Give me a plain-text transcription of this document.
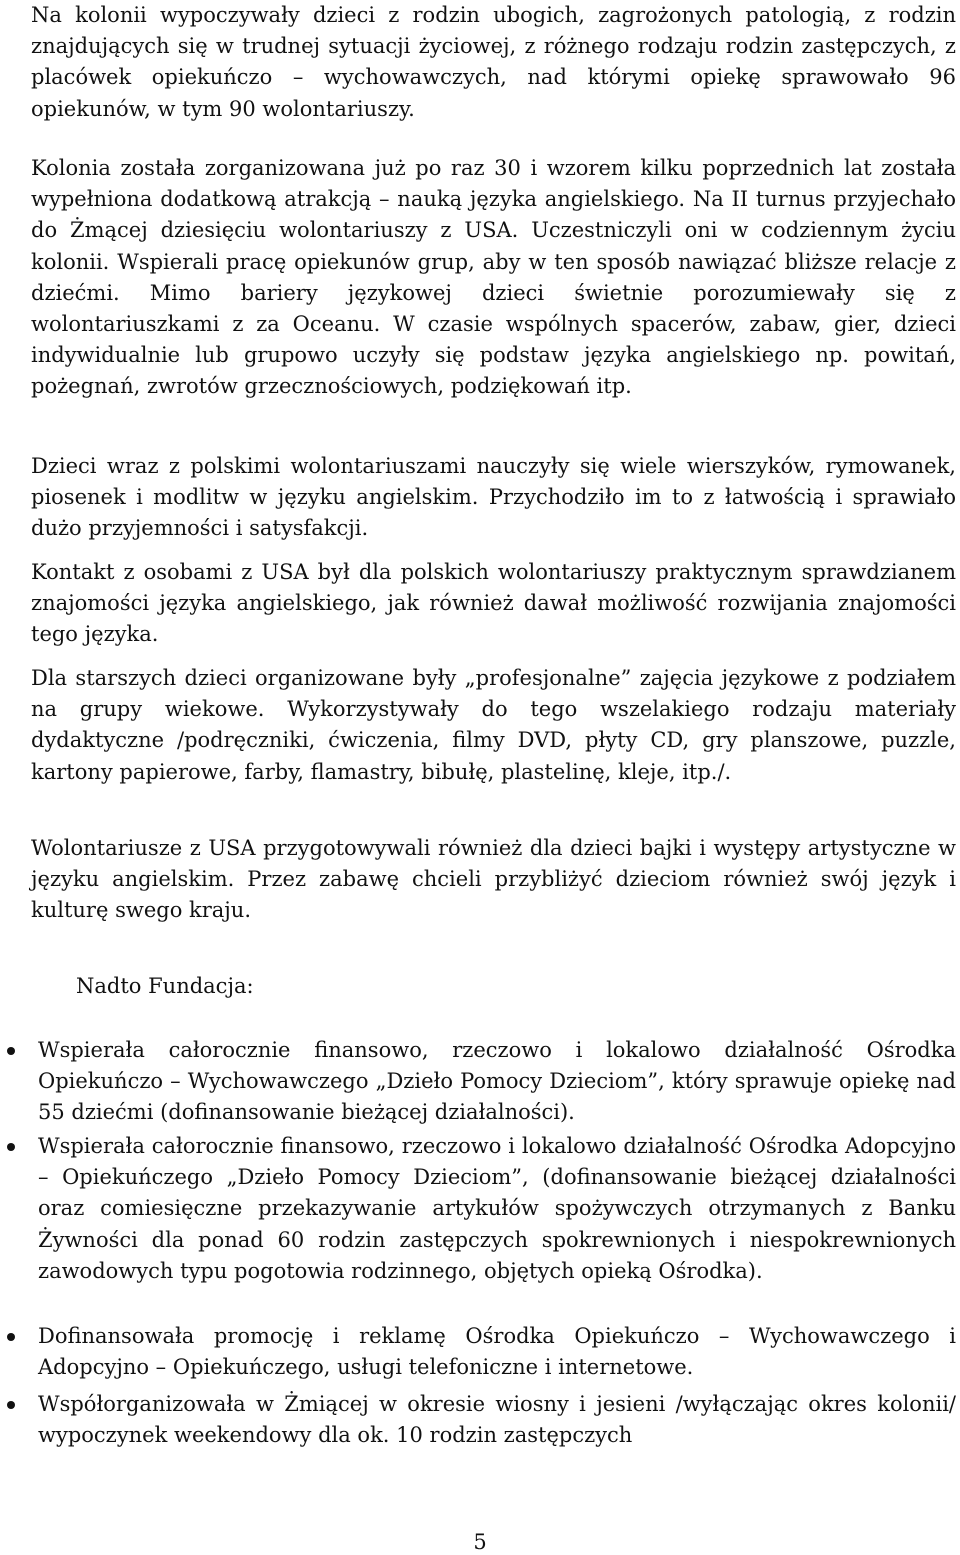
Na kolonii wypoczywały dzieci z rodzin ubogich, zagrożonych patologią, z rodzin znajdujących się w trudnej sytuacji życiowej, z różnego rodzaju rodzin zastępczych, z placówek opiekuńczo – wychowawczych, nad którymi opiekę sprawowało 96 opiekunów, w tym 90 wolontariuszy.

Kolonia została zorganizowana już po raz 30 i wzorem kilku poprzednich lat została wypełniona dodatkową atrakcją – nauką języka angielskiego. Na II turnus przyjechało do Żmącej dziesięciu wolontariuszy z USA. Uczestniczyli oni w codziennym życiu kolonii. Wspierali pracę opiekunów grup, aby w ten sposób nawiązać bliższe relacje z dziećmi. Mimo bariery językowej dzieci świetnie porozumiewały się z wolontariuszkami z za Oceanu. W czasie wspólnych spacerów, zabaw, gier, dzieci indywidualnie lub grupowo uczyły się podstaw języka angielskiego np. powitań, pożegnań, zwrotów grzecznościowych, podziękowań itp.

Dzieci wraz z polskimi wolontariuszami nauczyły się wiele wierszyków, rymowanek, piosenek i modlitw w języku angielskim. Przychodziło im to z łatwością i sprawiało dużo przyjemności i satysfakcji.

Kontakt z osobami z USA był dla polskich wolontariuszy praktycznym sprawdzianem znajomości języka angielskiego, jak również dawał możliwość rozwijania znajomości tego języka.

Dla starszych dzieci organizowane były „profesjonalne” zajęcia językowe z podziałem na grupy wiekowe. Wykorzystywały do tego wszelakiego rodzaju materiały dydaktyczne /podręczniki, ćwiczenia, filmy DVD, płyty CD, gry planszowe, puzzle, kartony papierowe, farby, flamastry, bibułę, plastelinę, kleje, itp./.

Wolontariusze z USA przygotowywali również dla dzieci bajki i występy artystyczne w języku angielskim. Przez zabawę chcieli przybliżyć dzieciom również swój język i kulturę swego kraju.

Nadto Fundacja:

Wspierała całorocznie finansowo, rzeczowo i lokalowo działalność Ośrodka Opiekuńczo – Wychowawczego „Dzieło Pomocy Dzieciom”, który sprawuje opiekę nad 55 dziećmi (dofinansowanie bieżącej działalności).
Wspierała całorocznie finansowo, rzeczowo i lokalowo działalność Ośrodka Adopcyjno – Opiekuńczego „Dzieło Pomocy Dzieciom”, (dofinansowanie bieżącej działalności oraz comiesięczne przekazywanie artykułów spożywczych otrzymanych z Banku Żywności dla ponad 60 rodzin zastępczych spokrewnionych i niespokrewnionych zawodowych typu pogotowia rodzinnego, objętych opieką Ośrodka).
Dofinansowała promocję i reklamę Ośrodka Opiekuńczo – Wychowawczego i Adopcyjno – Opiekuńczego, usługi telefoniczne i internetowe.
Współorganizowała w Żmiącej w okresie wiosny i jesieni /wyłączając okres kolonii/ wypoczynek weekendowy dla ok. 10 rodzin zastępczych

5
